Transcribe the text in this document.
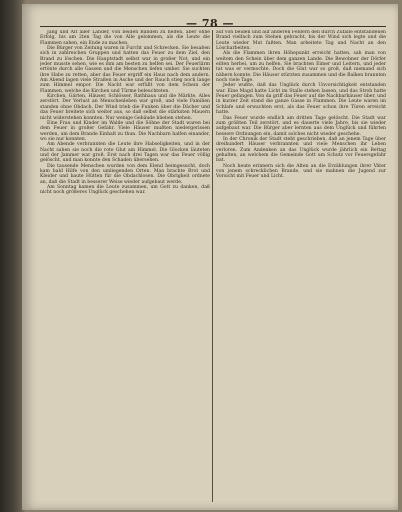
— 78 —

Jang und Alt aller Länder, von beiden Banden zu helfen, aber ohne Erfolg, bis am 2ten Tag die von Alle gelommen, als die Leute die Flammen sahen, ein Ende zu machen.

Die Bürger von Zeitung waren in Furcht und Schrecken. Sie besaßen sich in zahlreichen Gruppen und hatten das Feuer zu dem Ziel, den Brand zu löschen. Die Hauptstadt selbst war in großer Not, und ein jeder musste sehen, wie es ihm am besten zu helfen sei. Der Feuerlärm ertönte durch alle Gassen und die Menschen liefen umher. Sie suchten ihre Habe zu retten, aber das Feuer ergriff ein Haus nach dem andern. Am Abend lagen viele Straßen in Asche und der Rauch stieg noch lange zum Himmel empor. Die Nacht war erfüllt von dem Schein der Flammen, welche die Kirchen und Türme beleuchteten.

Kirchen, Gärten, Häuser, Schlösser, Rathhaus und die Märkte, Alles zerstört. Der Verlust an Menschenleben war groß, und viele Familien standen ohne Obdach. Der Wind trieb die Funken über die Dächer und das Feuer breitete sich weiter aus, so daß selbst die stärksten Mauern nicht widerstehen konnten. Nur wenige Gebäude blieben stehen.

Eine Frau und Kinder im Walde und die Söhne der Stadt waren bei dem Feuer in großer Gefahr. Viele Häuser mußten niedergerissen werden, um dem Brande Einhalt zu thun. Die Nachbarn halfen einander, wo sie nur konnten.

Am Abende verbrannten die Leute ihre Habseligkeiten, und in der Nacht sahen sie noch die rote Glut am Himmel. Die Glocken läuteten und der Jammer war groß. Erst nach drei Tagen war das Feuer völlig gelöscht, und man konnte den Schaden übersehen.

Die tausende Menschen wurden von dem Elend heimgesucht, doch kam bald Hilfe von den umliegenden Orten. Man brachte Brot und Kleider und baute Hütten für die Obdachlosen. Die Obrigkeit ordnete an, daß die Stadt in besserer Weise wieder aufgebaut werde.

Am Sonntag kamen die Leute zusammen, um Gott zu danken, daß nicht noch größeres Unglück geschehen war.

auf von beiden und auf anderen Feldern den durch Zufälle entstandenen Brand vielfach zum Stehen gebracht, bis der Wind sich legte und die Leute wieder Mut faßten. Man arbeitete Tag und Nacht an den Löscharbeiten.

Als die Flammen ihren Höhepunkt erreicht hatten, sah man von weitem den Schein über dem ganzen Lande. Die Bewohner der Dörfer eilten herbei, um zu helfen. Sie brachten Eimer und Leitern, und jeder tat was er vermochte. Doch die Glut war so groß, daß niemand sich nähern konnte. Die Häuser stürzten zusammen und die Balken brannten noch viele Tage.

Jeder wußte, daß das Unglück durch Unvorsichtigkeit entstanden war. Eine Magd hatte Licht im Stalle stehen lassen, und das Stroh hatte Feuer gefangen. Von da griff das Feuer auf die Nachbarhäuser über, und in kurzer Zeit stand die ganze Gasse in Flammen. Die Leute waren im Schlafe und erwachten erst, als das Feuer schon ihre Türen erreicht hatte.

Das Feuer wurde endlich am dritten Tage gelöscht. Die Stadt war zum größten Teil zerstört, und es dauerte viele Jahre, bis sie wieder aufgebaut war. Die Bürger aber lernten aus dem Unglück und führten bessere Ordnungen ein, damit solches nicht wieder geschehe.

In der Chronik der Stadt steht geschrieben, daß an jenem Tage über dreihundert Häuser verbrannten und viele Menschen ihr Leben verloren. Zum Andenken an das Unglück wurde jährlich ein Bettag gehalten, an welchem die Gemeinde Gott um Schutz vor Feuersgefahr bat.

Noch heute erinnern sich die Alten an die Erzählungen ihrer Väter von jenem schrecklichen Brande, und sie mahnen die Jugend zur Vorsicht mit Feuer und Licht.
